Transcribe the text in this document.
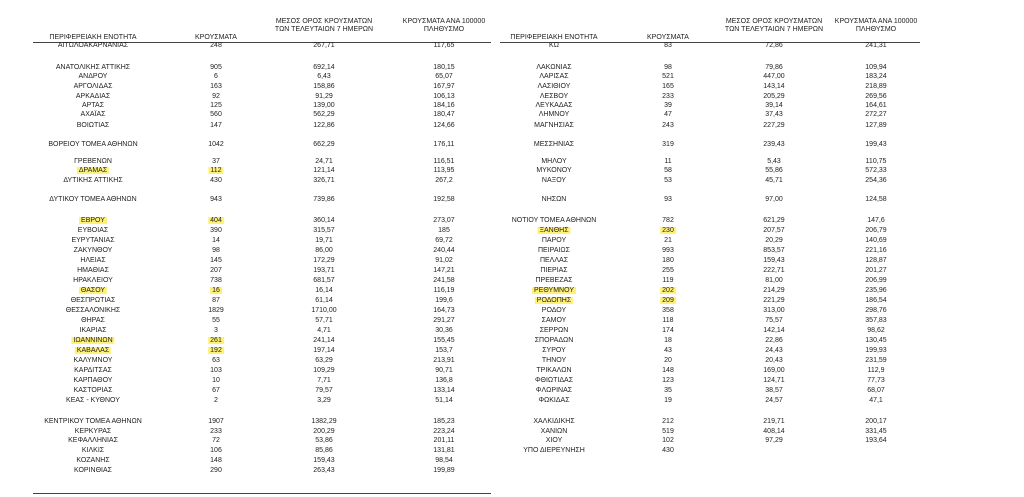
ΠΕΡΙΦΕΡΕΙΑΚΗ ΕΝΟΤΗΤΑ	ΚΡΟΥΣΜΑΤΑ
ΜΕΣΟΣ ΟΡΟΣ ΚΡΟΥΣΜΑΤΩΝ
ΤΩΝ ΤΕΛΕΥΤΑΙΩΝ 7 ΗΜΕΡΩΝ
ΚΡΟΥΣΜΑΤΑ ΑΝΑ 100000
ΠΛΗΘΥΣΜΟ
ΠΕΡΙΦΕΡΕΙΑΚΗ ΕΝΟΤΗΤΑ	ΚΡΟΥΣΜΑΤΑ
ΜΕΣΟΣ ΟΡΟΣ ΚΡΟΥΣΜΑΤΩΝ
ΤΩΝ ΤΕΛΕΥΤΑΙΩΝ 7 ΗΜΕΡΩΝ
ΚΡΟΥΣΜΑΤΑ ΑΝΑ 100000
ΠΛΗΘΥΣΜΟ
ΑΙΤΩΛΟΑΚΑΡΝΑΝΙΑΣ	248	267,71	117,65
ΑΝΑΤΟΛΙΚΗΣ ΑΤΤΙΚΗΣ	905	692,14	180,15
ΑΝΔΡΟΥ	6	6,43	65,07
ΑΡΓΟΛΙΔΑΣ	163	158,86	167,97
ΑΡΚΑΔΙΑΣ	92	91,29	106,13
ΑΡΤΑΣ	125	139,00	184,16
ΑΧΑΪΑΣ	560	562,29	180,47
ΒΟΙΩΤΙΑΣ	147	122,86	124,66
ΒΟΡΕΙΟΥ ΤΟΜΕΑ ΑΘΗΝΩΝ	1042	662,29	176,11
ΓΡΕΒΕΝΩΝ	37	24,71	116,51
ΔΡΑΜΑΣ	112	121,14	113,95
ΔΥΤΙΚΗΣ ΑΤΤΙΚΗΣ	430	326,71	267,2
ΔΥΤΙΚΟΥ ΤΟΜΕΑ ΑΘΗΝΩΝ	943	739,86	192,58
ΕΒΡΟΥ	404	360,14	273,07
ΕΥΒΟΙΑΣ	390	315,57	185
ΕΥΡΥΤΑΝΙΑΣ	14	19,71	69,72
ΖΑΚΥΝΘΟΥ	98	86,00	240,44
ΗΛΕΙΑΣ	145	172,29	91,02
ΗΜΑΘΙΑΣ	207	193,71	147,21
ΗΡΑΚΛΕΙΟΥ	738	681,57	241,58
ΘΑΣΟΥ	16	16,14	116,19
ΘΕΣΠΡΩΤΙΑΣ	87	61,14	199,6
ΘΕΣΣΑΛΟΝΙΚΗΣ	1829	1710,00	164,73
ΘΗΡΑΣ	55	57,71	291,27
ΙΚΑΡΙΑΣ	3	4,71	30,36
ΙΩΑΝΝΙΝΩΝ	261	241,14	155,45
ΚΑΒΑΛΑΣ	192	197,14	153,7
ΚΑΛΥΜΝΟΥ	63	63,29	213,91
ΚΑΡΔΙΤΣΑΣ	103	109,29	90,71
ΚΑΡΠΑΘΟΥ	10	7,71	136,8
ΚΑΣΤΟΡΙΑΣ	67	79,57	133,14
ΚΕΑΣ - ΚΥΘΝΟΥ	2	3,29	51,14
ΚΕΝΤΡΙΚΟΥ ΤΟΜΕΑ ΑΘΗΝΩΝ	1907	1382,29	185,23
ΚΕΡΚΥΡΑΣ	233	200,29	223,24
ΚΕΦΑΛΛΗΝΙΑΣ	72	53,86	201,11
ΚΙΛΚΙΣ	106	85,86	131,81
ΚΟΖΑΝΗΣ	148	159,43	98,54
ΚΟΡΙΝΘΙΑΣ	290	263,43	199,89
ΚΩ	83	72,86	241,31
ΛΑΚΩΝΙΑΣ	98	79,86	109,94
ΛΑΡΙΣΑΣ	521	447,00	183,24
ΛΑΣΙΘΙΟΥ	165	143,14	218,89
ΛΕΣΒΟΥ	233	205,29	269,56
ΛΕΥΚΑΔΑΣ	39	39,14	164,61
ΛΗΜΝΟΥ	47	37,43	272,27
ΜΑΓΝΗΣΙΑΣ	243	227,29	127,89
ΜΕΣΣΗΝΙΑΣ	319	239,43	199,43
ΜΗΛΟΥ	11	5,43	110,75
ΜΥΚΟΝΟΥ	58	55,86	572,33
ΝΑΞΟΥ	53	45,71	254,36
ΝΗΣΩΝ	93	97,00	124,58
ΝΟΤΙΟΥ ΤΟΜΕΑ ΑΘΗΝΩΝ	782	621,29	147,6
ΞΑΝΘΗΣ	230	207,57	206,79
ΠΑΡΟΥ	21	20,29	140,69
ΠΕΙΡΑΙΩΣ	993	853,57	221,16
ΠΕΛΛΑΣ	180	159,43	128,87
ΠΙΕΡΙΑΣ	255	222,71	201,27
ΠΡΕΒΕΖΑΣ	119	81,00	206,99
ΡΕΘΥΜΝΟΥ	202	214,29	235,96
ΡΟΔΟΠΗΣ	209	221,29	186,54
ΡΟΔΟΥ	358	313,00	298,76
ΣΑΜΟΥ	118	75,57	357,83
ΣΕΡΡΩΝ	174	142,14	98,62
ΣΠΟΡΑΔΩΝ	18	22,86	130,45
ΣΥΡΟΥ	43	24,43	199,93
ΤΗΝΟΥ	20	20,43	231,59
ΤΡΙΚΑΛΩΝ	148	169,00	112,9
ΦΘΙΩΤΙΔΑΣ	123	124,71	77,73
ΦΛΩΡΙΝΑΣ	35	38,57	68,07
ΦΩΚΙΔΑΣ	19	24,57	47,1
ΧΑΛΚΙΔΙΚΗΣ	212	219,71	200,17
ΧΑΝΙΩΝ	519	408,14	331,45
ΧΙΟΥ	102	97,29	193,64
ΥΠΟ ΔΙΕΡΕΥΝΗΣΗ	430
